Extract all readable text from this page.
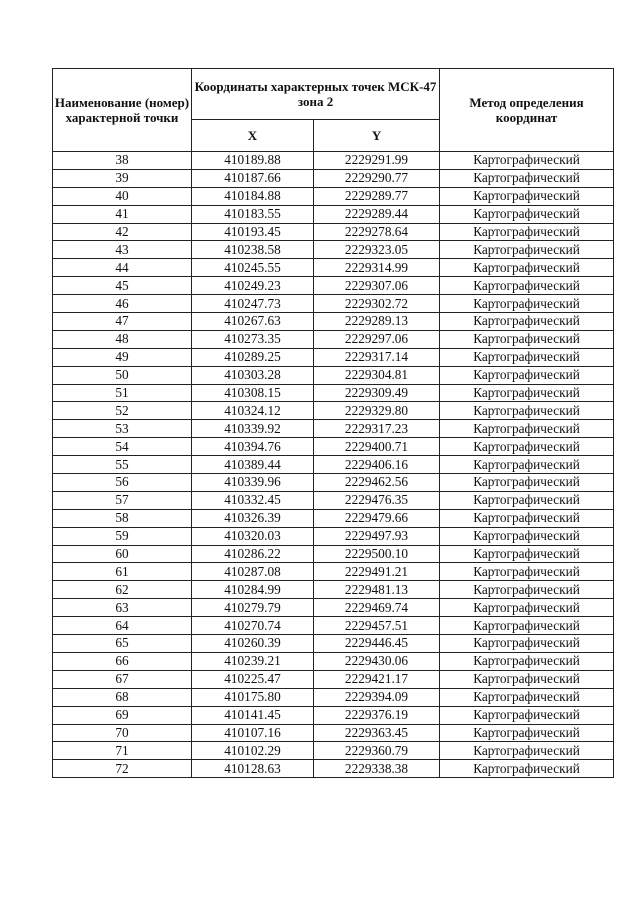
Наименование (номер) характерной точки	Координаты характерных точек МСК-47 зона 2		Метод определения координат
	X	Y	
38	410189.88	2229291.99	Картографический
39	410187.66	2229290.77	Картографический
40	410184.88	2229289.77	Картографический
41	410183.55	2229289.44	Картографический
42	410193.45	2229278.64	Картографический
43	410238.58	2229323.05	Картографический
44	410245.55	2229314.99	Картографический
45	410249.23	2229307.06	Картографический
46	410247.73	2229302.72	Картографический
47	410267.63	2229289.13	Картографический
48	410273.35	2229297.06	Картографический
49	410289.25	2229317.14	Картографический
50	410303.28	2229304.81	Картографический
51	410308.15	2229309.49	Картографический
52	410324.12	2229329.80	Картографический
53	410339.92	2229317.23	Картографический
54	410394.76	2229400.71	Картографический
55	410389.44	2229406.16	Картографический
56	410339.96	2229462.56	Картографический
57	410332.45	2229476.35	Картографический
58	410326.39	2229479.66	Картографический
59	410320.03	2229497.93	Картографический
60	410286.22	2229500.10	Картографический
61	410287.08	2229491.21	Картографический
62	410284.99	2229481.13	Картографический
63	410279.79	2229469.74	Картографический
64	410270.74	2229457.51	Картографический
65	410260.39	2229446.45	Картографический
66	410239.21	2229430.06	Картографический
67	410225.47	2229421.17	Картографический
68	410175.80	2229394.09	Картографический
69	410141.45	2229376.19	Картографический
70	410107.16	2229363.45	Картографический
71	410102.29	2229360.79	Картографический
72	410128.63	2229338.38	Картографический
